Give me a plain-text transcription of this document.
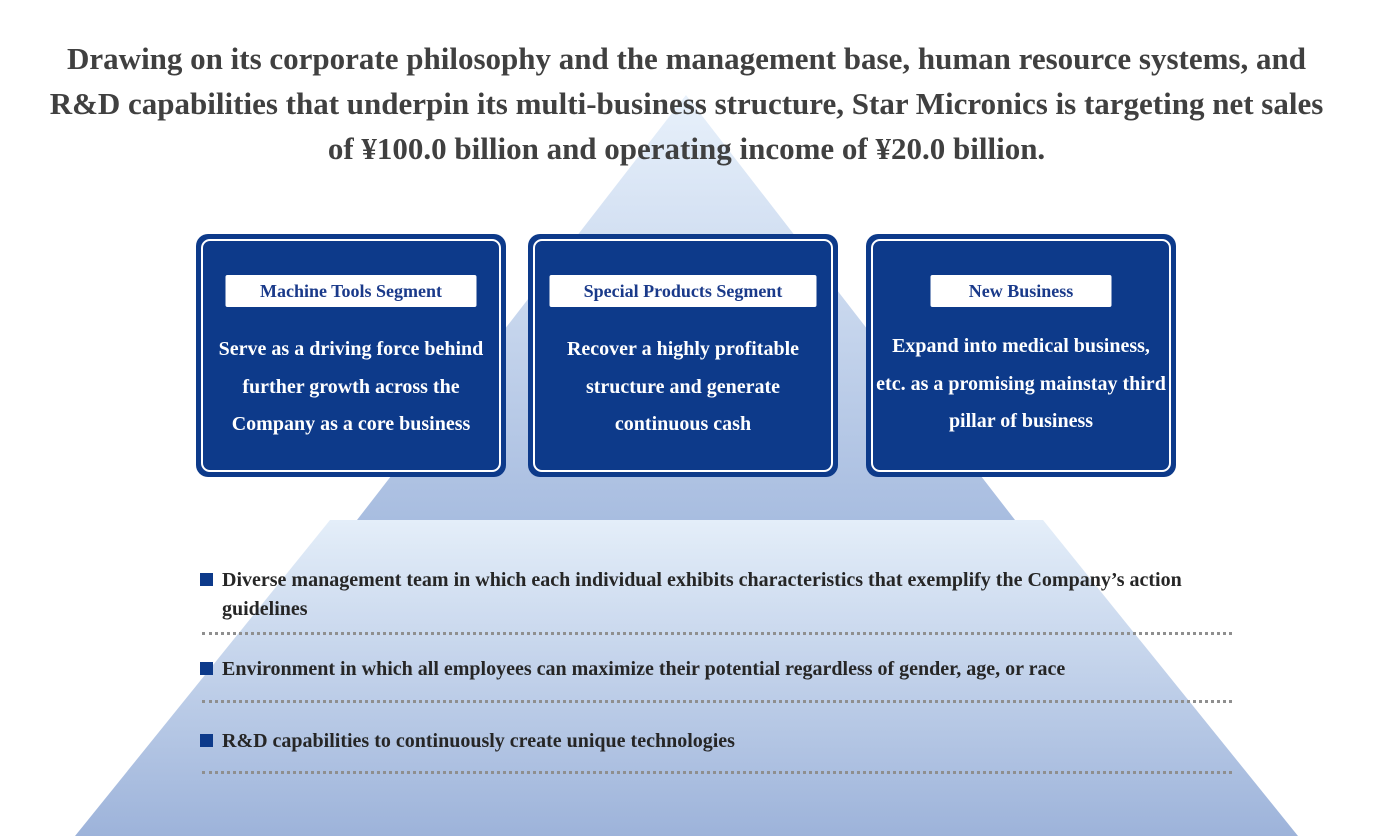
Drawing on its corporate philosophy and the management base, human resource systems, and R&D capabilities that underpin its multi-business structure, Star Micronics is targeting net sales of ¥100.0 billion and operating income of ¥20.0 billion.
Machine Tools Segment
Serve as a driving force behind further growth across the Company as a core business
Special Products Segment
Recover a highly profitable structure and generate continuous cash
New Business
Expand into medical business, etc. as a promising mainstay third pillar of business
Diverse management team in which each individual exhibits characteristics that exemplify the Company’s action guidelines
Environment in which all employees can maximize their potential regardless of gender, age, or race
R&D capabilities to continuously create unique technologies
